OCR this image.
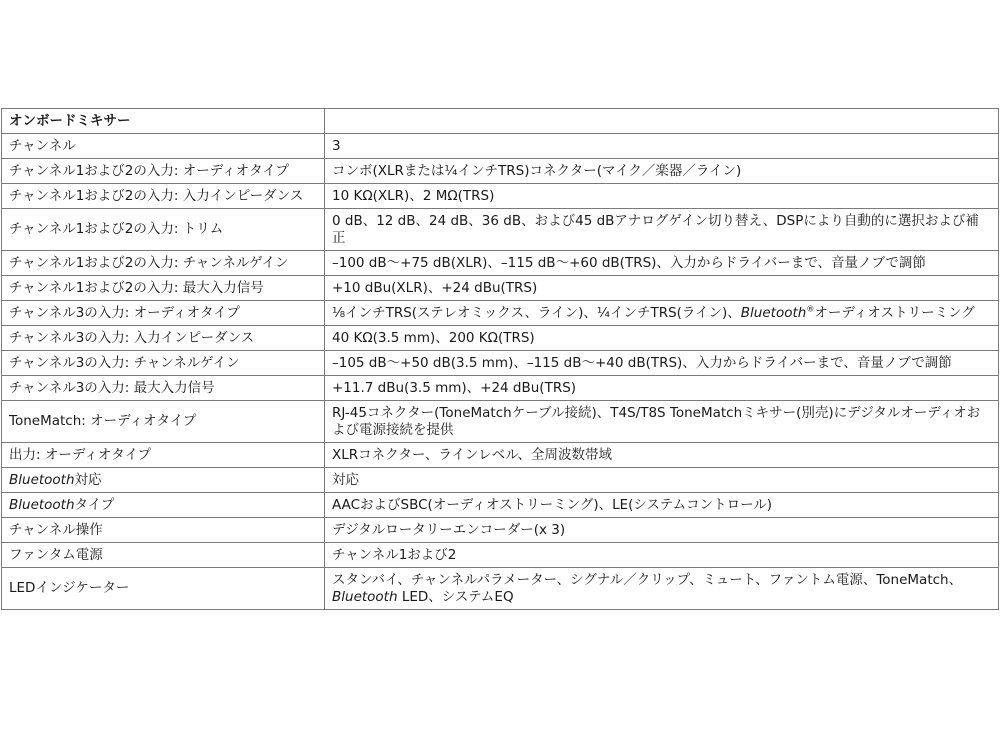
オンボードミキサー	
チャンネル	3
チャンネル1および2の入力: オーディオタイプ	コンボ(XLRまたは¼インチTRS)コネクター(マイク／楽器／ライン)
チャンネル1および2の入力: 入力インピーダンス	10 KΩ(XLR)、2 MΩ(TRS)
チャンネル1および2の入力: トリム	0 dB、12 dB、24 dB、36 dB、および45 dBアナログゲイン切り替え、DSPにより自動的に選択および補正
チャンネル1および2の入力: チャンネルゲイン	–100 dB～+75 dB(XLR)、–115 dB～+60 dB(TRS)、入力からドライバーまで、音量ノブで調節
チャンネル1および2の入力: 最大入力信号	+10 dBu(XLR)、+24 dBu(TRS)
チャンネル3の入力: オーディオタイプ	⅛インチTRS(ステレオミックス、ライン)、¼インチTRS(ライン)、Bluetooth®オーディオストリーミング
チャンネル3の入力: 入力インピーダンス	40 KΩ(3.5 mm)、200 KΩ(TRS)
チャンネル3の入力: チャンネルゲイン	–105 dB～+50 dB(3.5 mm)、–115 dB～+40 dB(TRS)、入力からドライバーまで、音量ノブで調節
チャンネル3の入力: 最大入力信号	+11.7 dBu(3.5 mm)、+24 dBu(TRS)
ToneMatch: オーディオタイプ	RJ-45コネクター(ToneMatchケーブル接続)、T4S/T8S ToneMatchミキサー(別売)にデジタルオーディオおよび電源接続を提供
出力: オーディオタイプ	XLRコネクター、ラインレベル、全周波数帯域
Bluetooth対応	対応
Bluetoothタイプ	AACおよびSBC(オーディオストリーミング)、LE(システムコントロール)
チャンネル操作	デジタルロータリーエンコーダー(x 3)
ファンタム電源	チャンネル1および2
LEDインジケーター	スタンバイ、チャンネルパラメーター、シグナル／クリップ、ミュート、ファントム電源、ToneMatch、Bluetooth LED、システムEQ
